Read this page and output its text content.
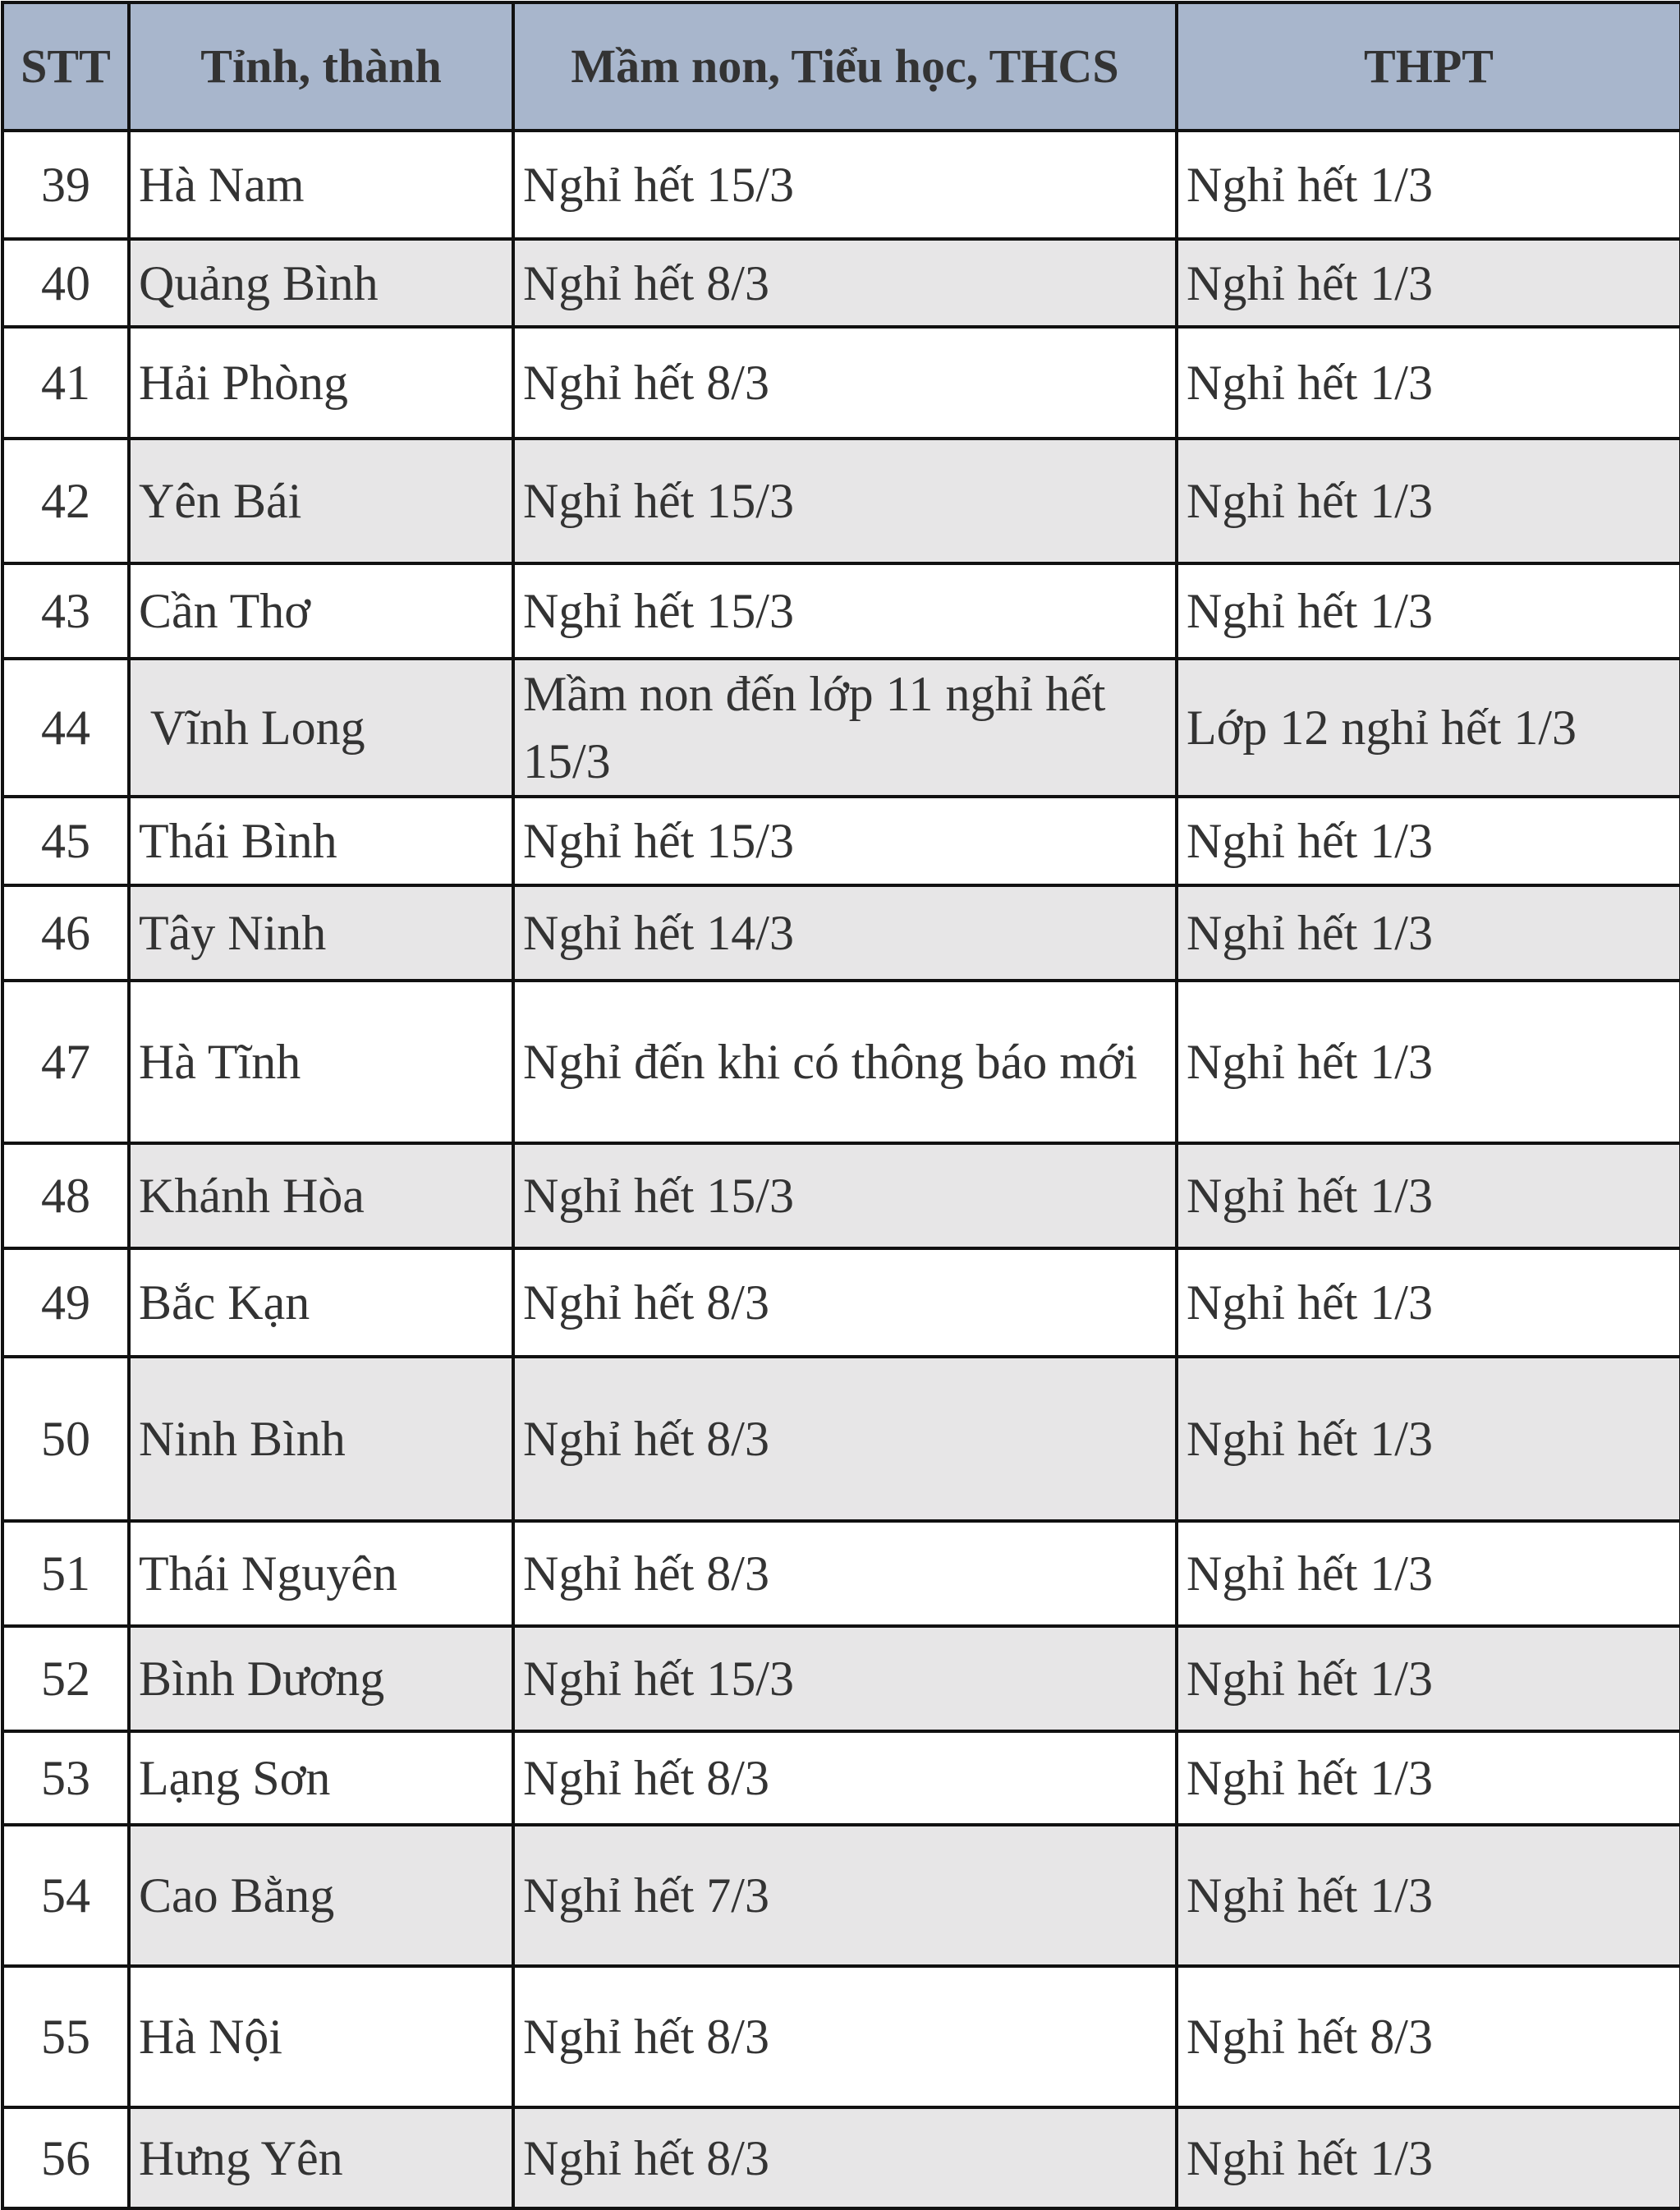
STT	Tỉnh, thành	Mầm non, Tiểu học, THCS	THPT
39	Hà Nam	Nghỉ hết 15/3	Nghỉ hết 1/3
40	Quảng Bình	Nghỉ hết 8/3	Nghỉ hết 1/3
41	Hải Phòng	Nghỉ hết 8/3	Nghỉ hết 1/3
42	Yên Bái	Nghỉ hết 15/3	Nghỉ hết 1/3
43	Cần Thơ	Nghỉ hết 15/3	Nghỉ hết 1/3
44	Vĩnh Long	Mầm non đến lớp 11 nghỉ hết 15/3	Lớp 12 nghỉ hết 1/3
45	Thái Bình	Nghỉ hết 15/3	Nghỉ hết 1/3
46	Tây Ninh	Nghỉ hết 14/3	Nghỉ hết 1/3
47	Hà Tĩnh	Nghỉ đến khi có thông báo mới	Nghỉ hết 1/3
48	Khánh Hòa	Nghỉ hết 15/3	Nghỉ hết 1/3
49	Bắc Kạn	Nghỉ hết 8/3	Nghỉ hết 1/3
50	Ninh Bình	Nghỉ hết 8/3	Nghỉ hết 1/3
51	Thái Nguyên	Nghỉ hết 8/3	Nghỉ hết 1/3
52	Bình Dương	Nghỉ hết 15/3	Nghỉ hết 1/3
53	Lạng Sơn	Nghỉ hết 8/3	Nghỉ hết 1/3
54	Cao Bằng	Nghỉ hết 7/3	Nghỉ hết 1/3
55	Hà Nội	Nghỉ hết 8/3	Nghỉ hết 8/3
56	Hưng Yên	Nghỉ hết 8/3	Nghỉ hết 1/3
